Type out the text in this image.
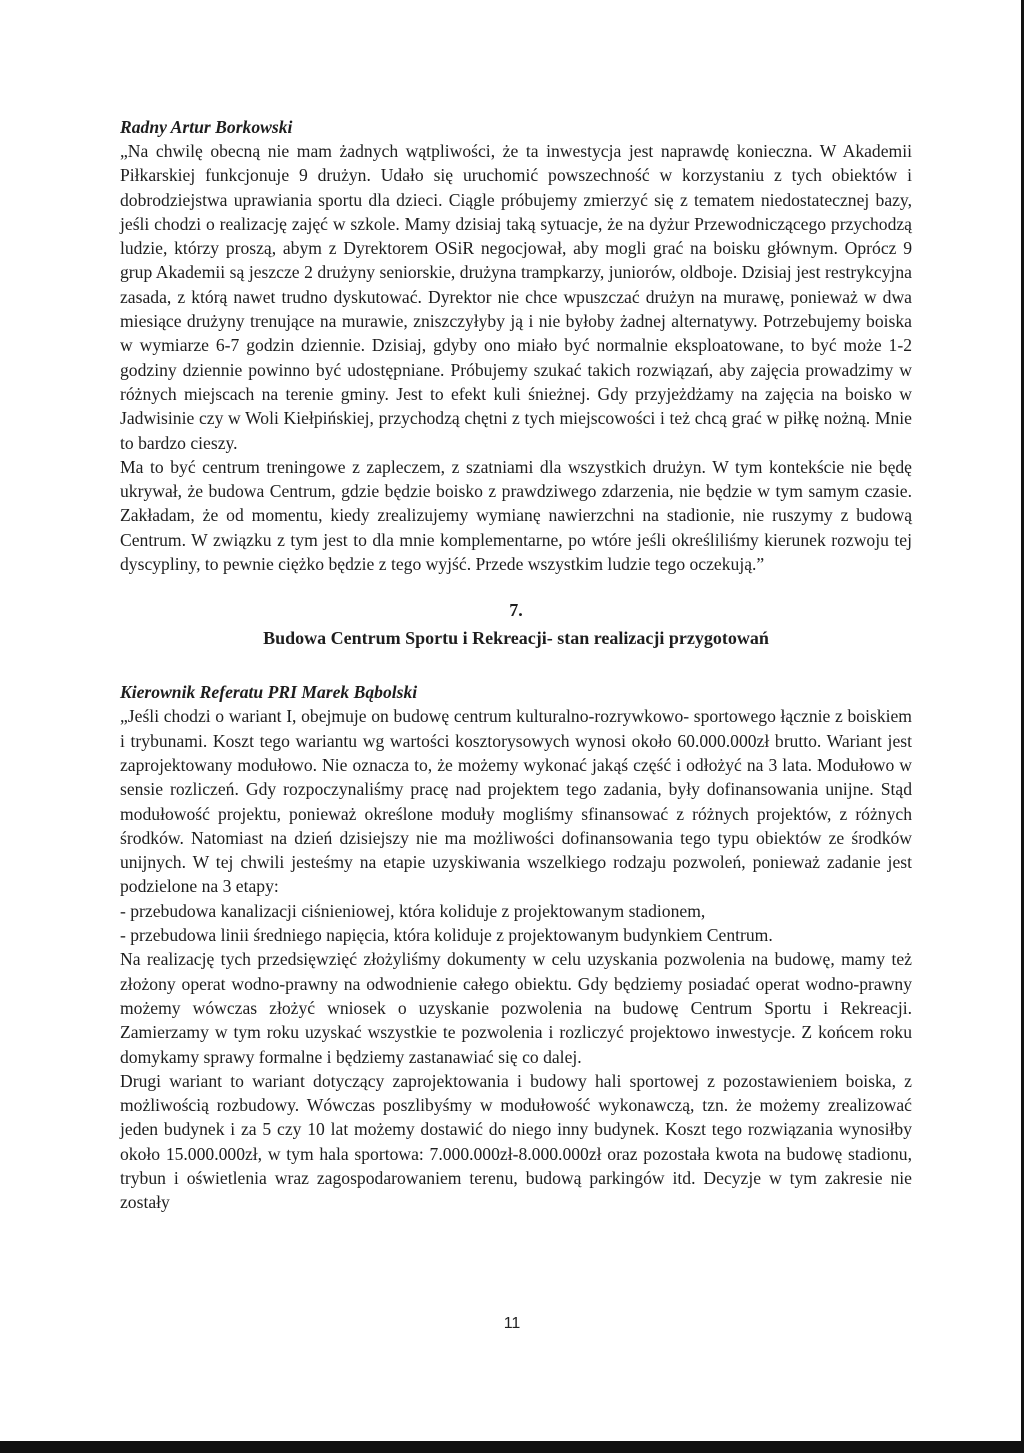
Radny Artur Borkowski

„Na chwilę obecną nie mam żadnych wątpliwości, że ta inwestycja jest naprawdę konieczna. W Akademii Piłkarskiej funkcjonuje 9 drużyn. Udało się uruchomić powszechność w korzystaniu z tych obiektów i dobrodziejstwa uprawiania sportu dla dzieci. Ciągle próbujemy zmierzyć się z tematem niedostatecznej bazy, jeśli chodzi o realizację zajęć w szkole. Mamy dzisiaj taką sytuacje, że na dyżur Przewodniczącego przychodzą ludzie, którzy proszą, abym z Dyrektorem OSiR negocjował, aby mogli grać na boisku głównym. Oprócz 9 grup Akademii są jeszcze 2 drużyny seniorskie, drużyna trampkarzy, juniorów, oldboje. Dzisiaj jest restrykcyjna zasada, z którą nawet trudno dyskutować. Dyrektor nie chce wpuszczać drużyn na murawę, ponieważ w dwa miesiące drużyny trenujące na murawie, zniszczyłyby ją i nie byłoby żadnej alternatywy. Potrzebujemy boiska w wymiarze 6-7 godzin dziennie. Dzisiaj, gdyby ono miało być normalnie eksploatowane, to być może 1-2 godziny dziennie powinno być udostępniane. Próbujemy szukać takich rozwiązań, aby zajęcia prowadzimy w różnych miejscach na terenie gminy. Jest to efekt kuli śnieżnej. Gdy przyjeżdżamy na zajęcia na boisko w Jadwisinie czy w Woli Kiełpińskiej, przychodzą chętni z tych miejscowości i też chcą grać w piłkę nożną. Mnie to bardzo cieszy.

Ma to być centrum treningowe z zapleczem, z szatniami dla wszystkich drużyn. W tym kontekście nie będę ukrywał, że budowa Centrum, gdzie będzie boisko z prawdziwego zdarzenia, nie będzie w tym samym czasie. Zakładam, że od momentu, kiedy zrealizujemy wymianę nawierzchni na stadionie, nie ruszymy z budową Centrum. W związku z tym jest to dla mnie komplementarne, po wtóre jeśli określiliśmy kierunek rozwoju tej dyscypliny, to pewnie ciężko będzie z tego wyjść. Przede wszystkim ludzie tego oczekują.”

7.

Budowa Centrum Sportu i Rekreacji- stan realizacji przygotowań

Kierownik Referatu PRI Marek Bąbolski

„Jeśli chodzi o wariant I, obejmuje on budowę centrum kulturalno-rozrywkowo- sportowego łącznie z boiskiem i trybunami. Koszt tego wariantu wg wartości kosztorysowych wynosi około 60.000.000zł brutto. Wariant jest zaprojektowany modułowo. Nie oznacza to, że możemy wykonać jakąś część i odłożyć na 3 lata. Modułowo w sensie rozliczeń. Gdy rozpoczynaliśmy pracę nad projektem tego zadania, były dofinansowania unijne. Stąd modułowość projektu, ponieważ określone moduły mogliśmy sfinansować z różnych projektów, z różnych środków. Natomiast na dzień dzisiejszy nie ma możliwości dofinansowania tego typu obiektów ze środków unijnych. W tej chwili jesteśmy na etapie uzyskiwania wszelkiego rodzaju pozwoleń, ponieważ zadanie jest podzielone na 3 etapy:

- przebudowa kanalizacji ciśnieniowej, która koliduje z projektowanym stadionem,

- przebudowa linii średniego napięcia, która koliduje z projektowanym budynkiem Centrum.

Na realizację tych przedsięwzięć złożyliśmy dokumenty w celu uzyskania pozwolenia na budowę, mamy też złożony operat wodno-prawny na odwodnienie całego obiektu. Gdy będziemy posiadać operat wodno-prawny możemy wówczas złożyć wniosek o uzyskanie pozwolenia na budowę Centrum Sportu i Rekreacji. Zamierzamy w tym roku uzyskać wszystkie te pozwolenia i rozliczyć projektowo inwestycje. Z końcem roku domykamy sprawy formalne i będziemy zastanawiać się co dalej.

Drugi wariant to wariant dotyczący zaprojektowania i budowy hali sportowej z pozostawieniem boiska, z możliwością rozbudowy. Wówczas poszlibyśmy w modułowość wykonawczą, tzn. że możemy zrealizować jeden budynek i za 5 czy 10 lat możemy dostawić do niego inny budynek. Koszt tego rozwiązania wynosiłby około 15.000.000zł, w tym hala sportowa: 7.000.000zł-8.000.000zł oraz pozostała kwota na budowę stadionu, trybun i oświetlenia wraz zagospodarowaniem terenu, budową parkingów itd. Decyzje w tym zakresie nie zostały

11
